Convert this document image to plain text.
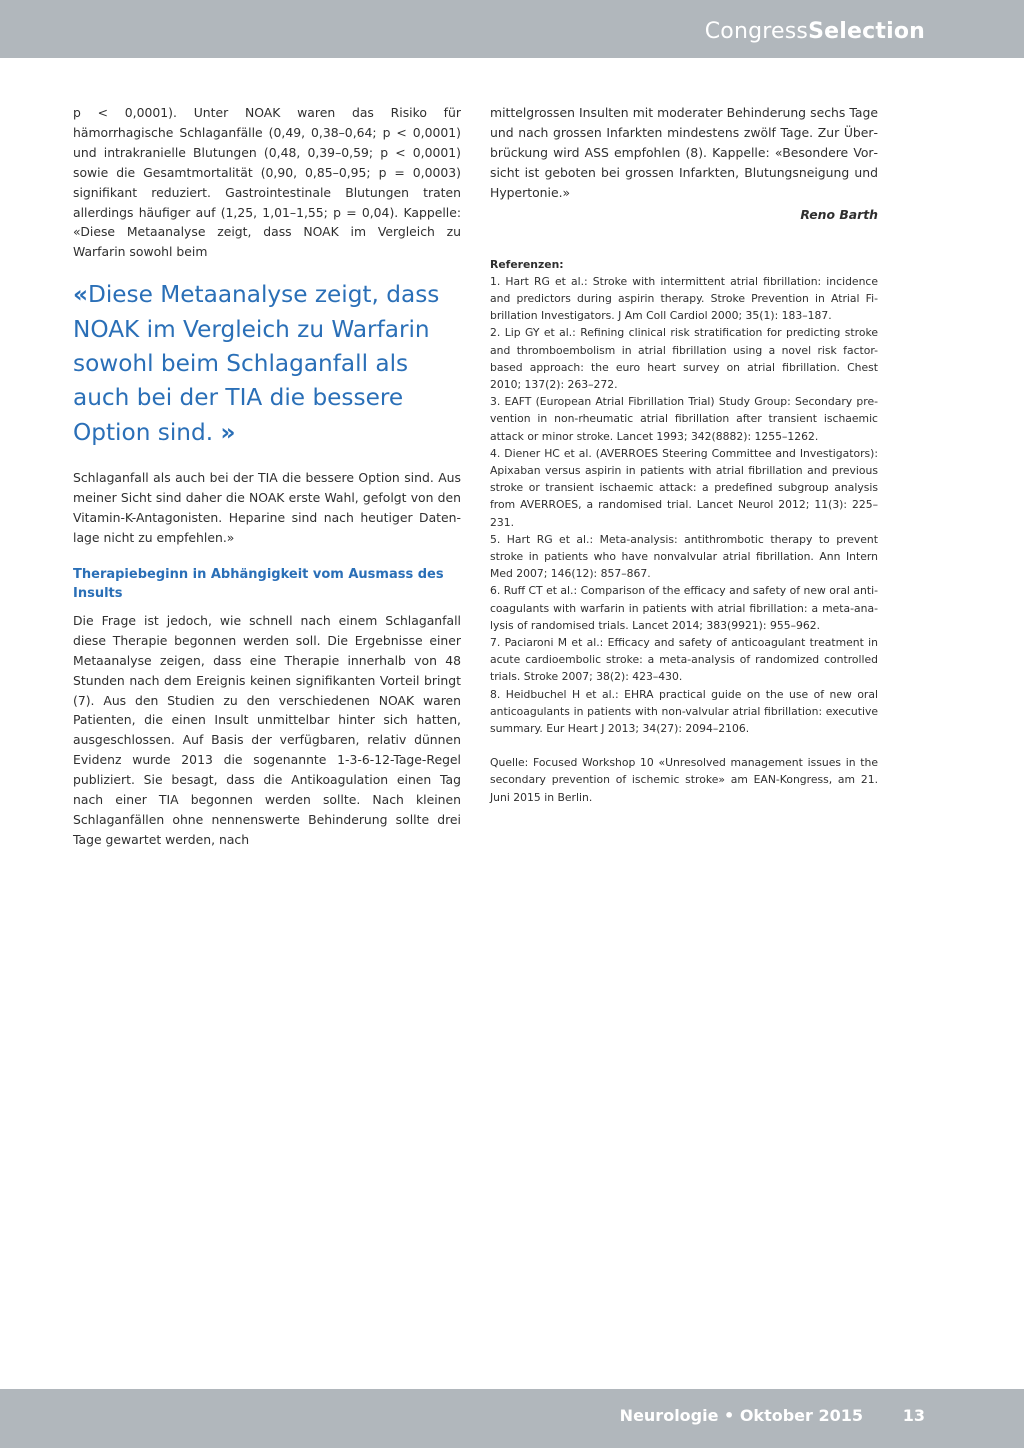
CongressSelection

p < 0,0001). Unter NOAK waren das Risiko für hämorrhagische Schlaganfälle (0,49, 0,38–0,64; p < 0,0001) und intrakranielle Blutungen (0,48, 0,39–0,59; p < 0,0001) sowie die Gesamtmortalität (0,90, 0,85–0,95; p = 0,0003) signifikant reduziert. Gastrointestinale Blutungen traten allerdings häufiger auf (1,25, 1,01–1,55; p = 0,04). Kappelle: «Diese Metaanalyse zeigt, dass NOAK im Vergleich zu Warfarin sowohl beim

«Diese Metaanalyse zeigt, dass NOAK im Vergleich zu Warfarin sowohl beim Schlaganfall als auch bei der TIA die bessere Option sind. »

Schlaganfall als auch bei der TIA die bessere Option sind. Aus meiner Sicht sind daher die NOAK erste Wahl, gefolgt von den Vitamin-K-Antagonisten. Heparine sind nach heutiger Datenlage nicht zu empfehlen.»

Therapiebeginn in Abhängigkeit vom Ausmass des Insults

Die Frage ist jedoch, wie schnell nach einem Schlaganfall diese Therapie begonnen werden soll. Die Ergebnisse einer Metaanalyse zeigen, dass eine Therapie innerhalb von 48 Stunden nach dem Ereignis keinen signifikanten Vorteil bringt (7). Aus den Studien zu den verschiedenen NOAK waren Patienten, die einen Insult unmittelbar hinter sich hatten, ausgeschlossen. Auf Basis der verfügbaren, relativ dünnen Evidenz wurde 2013 die sogenannte 1-3-6-12-Tage-Regel publiziert. Sie besagt, dass die Antikoagulation einen Tag nach einer TIA begonnen werden sollte. Nach kleinen Schlaganfällen ohne nennenswerte Behinderung sollte drei Tage gewartet werden, nach

mittelgrossen Insulten mit moderater Behinderung sechs Tage und nach grossen Infarkten mindestens zwölf Tage. Zur Überbrückung wird ASS empfohlen (8). Kappelle: «Besondere Vorsicht ist geboten bei grossen Infarkten, Blutungsneigung und Hypertonie.»

Reno Barth
Referenzen:
1. Hart RG et al.: Stroke with intermittent atrial fibrillation: incidence and predictors during aspirin therapy. Stroke Prevention in Atrial Fibrillation Investigators. J Am Coll Cardiol 2000; 35(1): 183–187.
2. Lip GY et al.: Refining clinical risk stratification for predicting stroke and thromboembolism in atrial fibrillation using a novel risk factor-based approach: the euro heart survey on atrial fibrillation. Chest 2010; 137(2): 263–272.
3. EAFT (European Atrial Fibrillation Trial) Study Group: Secondary prevention in non-rheumatic atrial fibrillation after transient ischaemic attack or minor stroke. Lancet 1993; 342(8882): 1255–1262.
4. Diener HC et al. (AVERROES Steering Committee and Investigators): Apixaban versus aspirin in patients with atrial fibrillation and previous stroke or transient ischaemic attack: a predefined subgroup analysis from AVERROES, a randomised trial. Lancet Neurol 2012; 11(3): 225–231.
5. Hart RG et al.: Meta-analysis: antithrombotic therapy to prevent stroke in patients who have nonvalvular atrial fibrillation. Ann Intern Med 2007; 146(12): 857–867.
6. Ruff CT et al.: Comparison of the efficacy and safety of new oral anticoagulants with warfarin in patients with atrial fibrillation: a meta-analysis of randomised trials. Lancet 2014; 383(9921): 955–962.
7. Paciaroni M et al.: Efficacy and safety of anticoagulant treatment in acute cardioembolic stroke: a meta-analysis of randomized controlled trials. Stroke 2007; 38(2): 423–430.
8. Heidbuchel H et al.: EHRA practical guide on the use of new oral anticoagulants in patients with non-valvular atrial fibrillation: executive summary. Eur Heart J 2013; 34(27): 2094–2106.

Quelle: Focused Workshop 10 «Unresolved management issues in the secondary prevention of ischemic stroke» am EAN-Kongress, am 21. Juni 2015 in Berlin.

Neurologie • Oktober 2015 13
